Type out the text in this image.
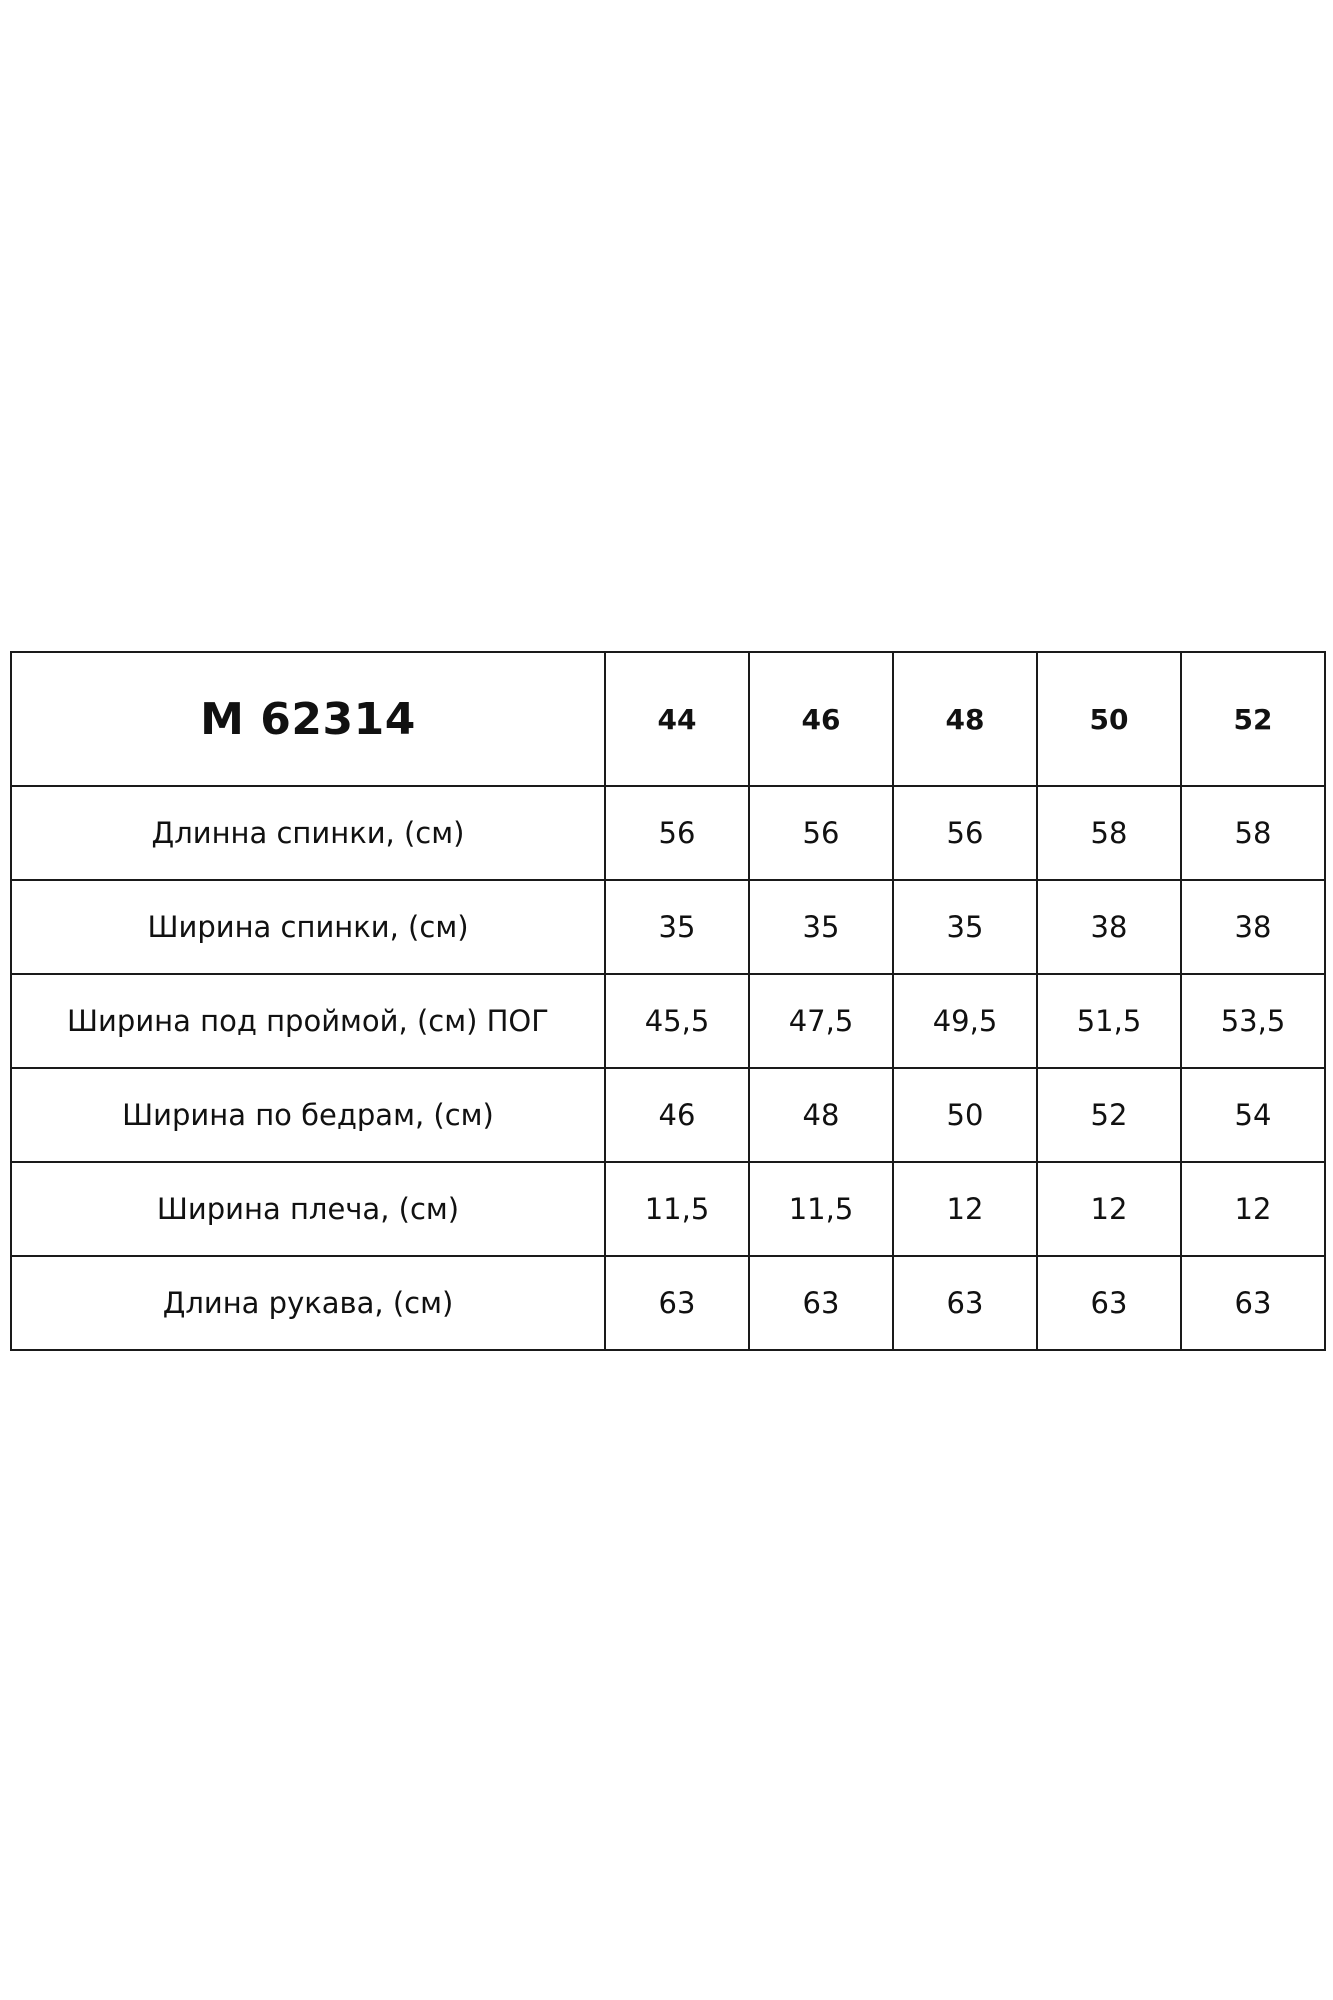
M 62314	44	46	48	50	52
Длинна спинки, (см)	56	56	56	58	58
Ширина спинки, (см)	35	35	35	38	38
Ширина под проймой, (см) ПОГ	45,5	47,5	49,5	51,5	53,5
Ширина по бедрам, (см)	46	48	50	52	54
Ширина плеча, (см)	11,5	11,5	12	12	12
Длина рукава, (см)	63	63	63	63	63
